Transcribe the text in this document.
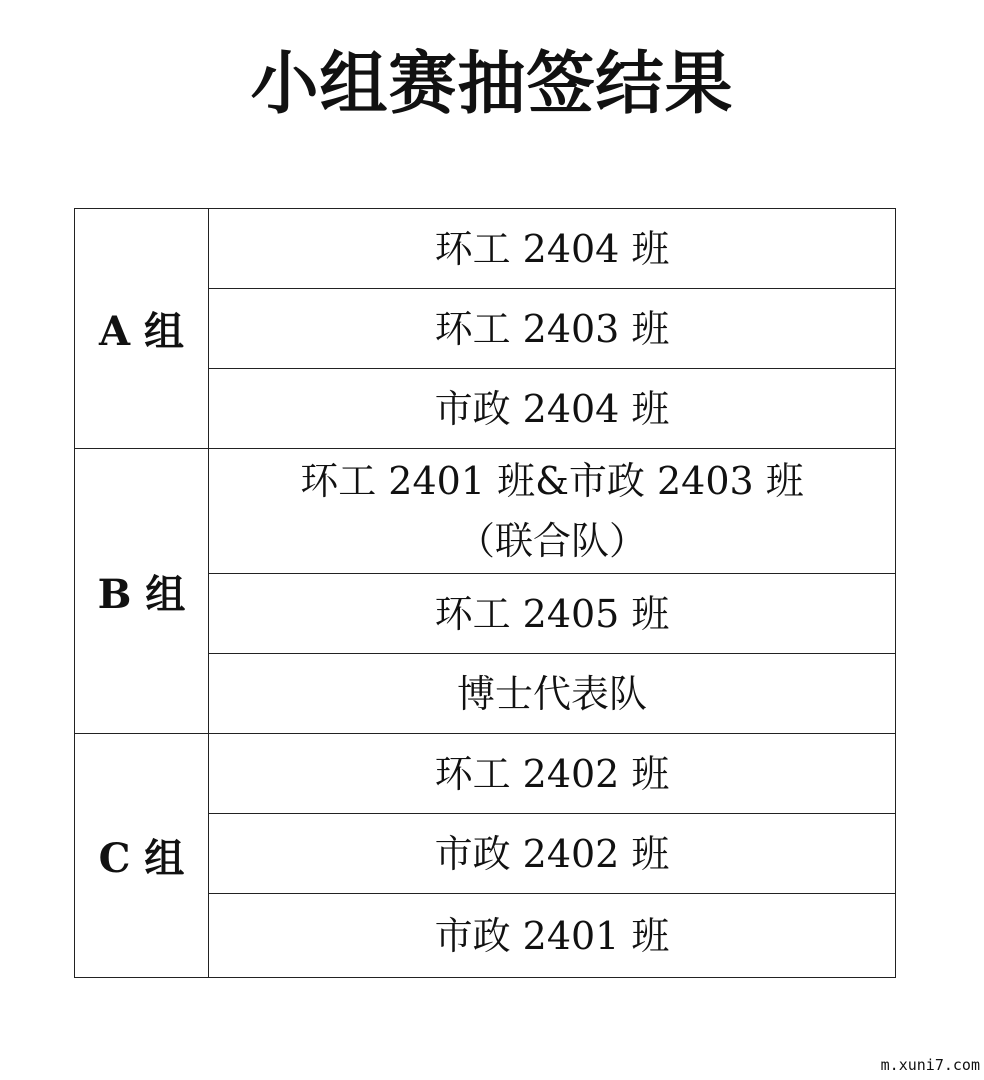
小组赛抽签结果
A 组	环工 2404 班
	环工 2403 班
	市政 2404 班
B 组	环工 2401 班&市政 2403 班
（联合队）

	环工 2405 班
	博士代表队
C 组	环工 2402 班
	市政 2402 班
	市政 2401 班
m.xuni7.com
